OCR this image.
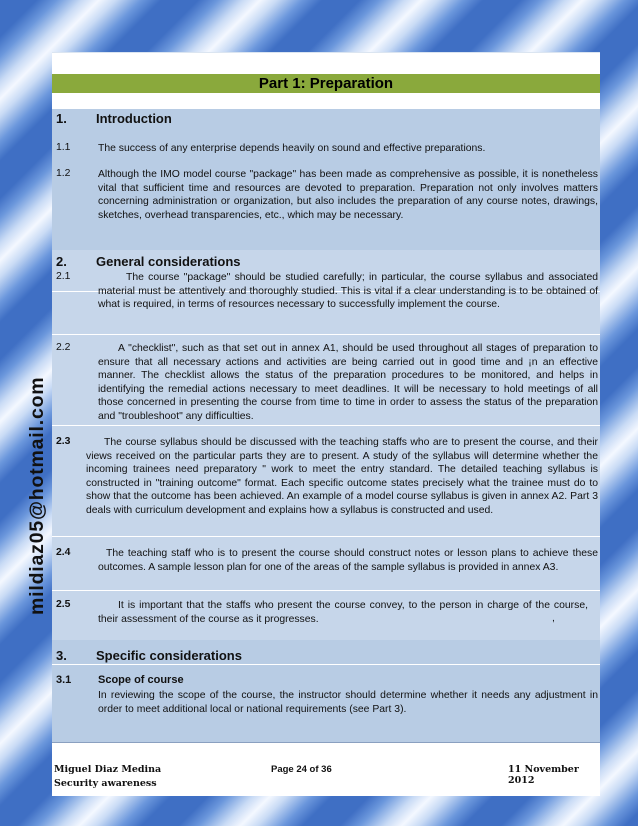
mildiaz05@hotmail.com
Part 1: Preparation
1. Introduction
1.1	The success of any enterprise depends heavily on sound and effective preparations.
1.2	Although the IMO model course "package" has been made as comprehensive as possible, it is nonetheless vital that sufficient time and resources are devoted to preparation. Preparation not only involves matters concerning administration or organization, but also includes the preparation of any course notes, drawings, sketches, overhead transparencies, etc., which may be necessary.
2. General considerations
2.1	The course "package" should be studied carefully; in particular, the course syllabus and associated material must be attentively and thoroughly studied. This is vital if a clear understanding is to be obtained of what is required, in terms of resources necessary to successfully implement the course.
2.2	A "checklist", such as that set out in annex A1, should be used throughout all stages of preparation to ensure that all necessary actions and activities are being carried out in good time and ¡n an effective manner. The checklist allows the status of the preparation procedures to be monitored, and helps in identifying the remedial actions necessary to meet deadlines. It will be necessary to hold meetings of all those concerned in presenting the course from time to time in order to assess the status of the preparation and "troubleshoot" any difficulties.
2.3	The course syllabus should be discussed with the teaching staffs who are to present the course, and their views received on the particular parts they are to present. A study of the syllabus will determine whether the incoming trainees need preparatory " work to meet the entry standard. The detailed teaching syllabus is constructed in "training outcome" format. Each specific outcome states precisely what the trainee must do to show that the outcome has been achieved. An example of a model course syllabus is given in annex A2. Part 3 deals with curriculum development and explains how a syllabus is constructed and used.
2.4	The teaching staff who is to present the course should construct notes or lesson plans to achieve these outcomes. A sample lesson plan for one of the areas of the sample syllabus is provided in annex A3.
2.5	It is important that the staffs who present the course convey, to the person in charge of the course, their assessment of the course as it progresses.	,
3. Specific considerations
3.1 Scope of course
In reviewing the scope of the course, the instructor should determine whether it needs any adjustment in order to meet additional local or national requirements (see Part 3).
Miguel Diaz Medina
Security awareness
Page 24 of 36	11 November 2012
